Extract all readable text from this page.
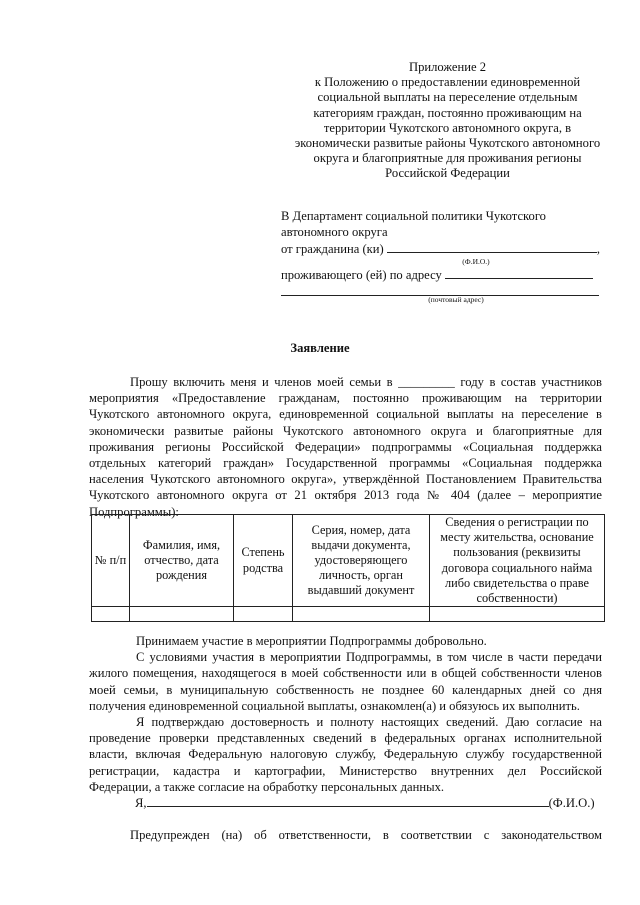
Приложение 2
к Положению о предоставлении единовременной
социальной выплаты на переселение отдельным
категориям граждан, постоянно проживающим на
территории Чукотского автономного округа, в
экономически развитые районы Чукотского автономного
округа и благоприятные для проживания регионы
Российской Федерации
В Департамент социальной политики Чукотского
автономного округа
от гражданина (ки)	,
(Ф.И.О.)
проживающего (ей) по адресу
(почтовый адрес)
Заявление
Прошу включить меня и членов моей семьи в _________ году в состав участников
мероприятия «Предоставление гражданам, постоянно проживающим на территории
Чукотского автономного округа, единовременной социальной выплаты на переселение в
экономически развитые районы Чукотского автономного округа и благоприятные для
проживания регионы Российской Федерации» подпрограммы «Социальная поддержка
отдельных категорий граждан» Государственной программы «Социальная поддержка
населения Чукотского автономного округа», утверждённой Постановлением Правительства
Чукотского автономного округа от 21 октября 2013 года № 404 (далее – мероприятие
Подпрограммы):
№ п/п	Фамилия, имя, отчество, дата рождения	Степень родства	Серия, номер, дата выдачи документа, удостоверяющего личность, орган выдавший документ	Сведения о регистрации по месту жительства, основание пользования (реквизиты договора социального найма либо свидетельства о праве собственности)

Принимаем участие в мероприятии Подпрограммы добровольно.
С условиями участия в мероприятии Подпрограммы, в том числе в части передачи
жилого помещения, находящегося в моей собственности или в общей собственности членов
моей семьи, в муниципальную собственность не позднее 60 календарных дней со дня
получения единовременной социальной выплаты, ознакомлен(а) и обязуюсь их выполнить.
Я подтверждаю достоверность и полноту настоящих сведений. Даю согласие на
проведение проверки представленных сведений в федеральных органах исполнительной
власти, включая Федеральную налоговую службу, Федеральную службу государственной
регистрации, кадастра и картографии, Министерство внутренних дел Российской
Федерации, а также согласие на обработку персональных данных.
Я,	(Ф.И.О.)
Предупрежден (на) об ответственности, в соответствии с законодательством
